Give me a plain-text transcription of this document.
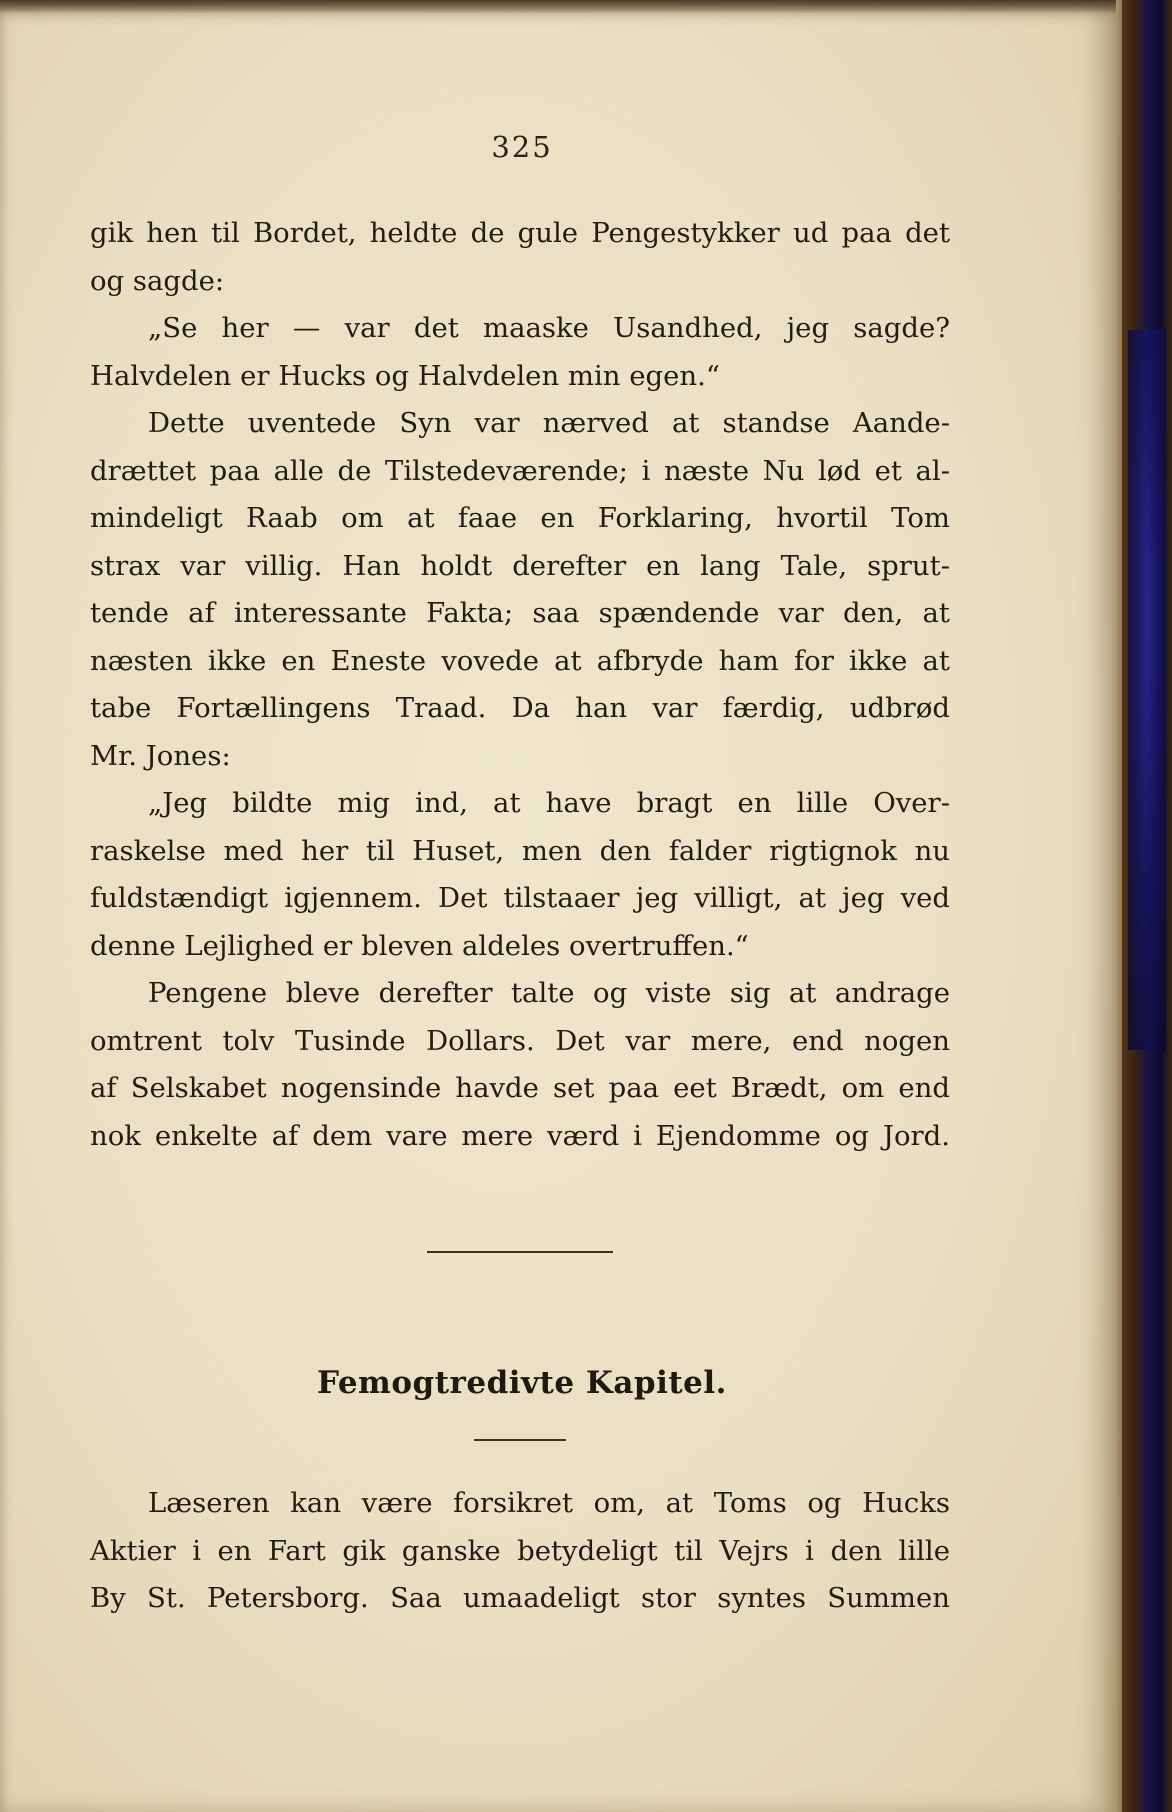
325
gik hen til Bordet, heldte de gule Pengestykker ud paa det
og sagde:
„Se her — var det maaske Usandhed, jeg sagde?
Halvdelen er Hucks og Halvdelen min egen.“
Dette uventede Syn var nærved at standse Aande-
drættet paa alle de Tilstedeværende; i næste Nu lød et al-
mindeligt Raab om at faae en Forklaring, hvortil Tom
strax var villig. Han holdt derefter en lang Tale, sprut-
tende af interessante Fakta; saa spændende var den, at
næsten ikke en Eneste vovede at afbryde ham for ikke at
tabe Fortællingens Traad. Da han var færdig, udbrød
Mr. Jones:
„Jeg bildte mig ind, at have bragt en lille Over-
raskelse med her til Huset, men den falder rigtignok nu
fuldstændigt igjennem. Det tilstaaer jeg villigt, at jeg ved
denne Lejlighed er bleven aldeles overtruffen.“
Pengene bleve derefter talte og viste sig at andrage
omtrent tolv Tusinde Dollars. Det var mere, end nogen
af Selskabet nogensinde havde set paa eet Brædt, om end
nok enkelte af dem vare mere værd i Ejendomme og Jord.
Femogtredivte Kapitel.
Læseren kan være forsikret om, at Toms og Hucks
Aktier i en Fart gik ganske betydeligt til Vejrs i den lille
By St. Petersborg. Saa umaadeligt stor syntes Summen
